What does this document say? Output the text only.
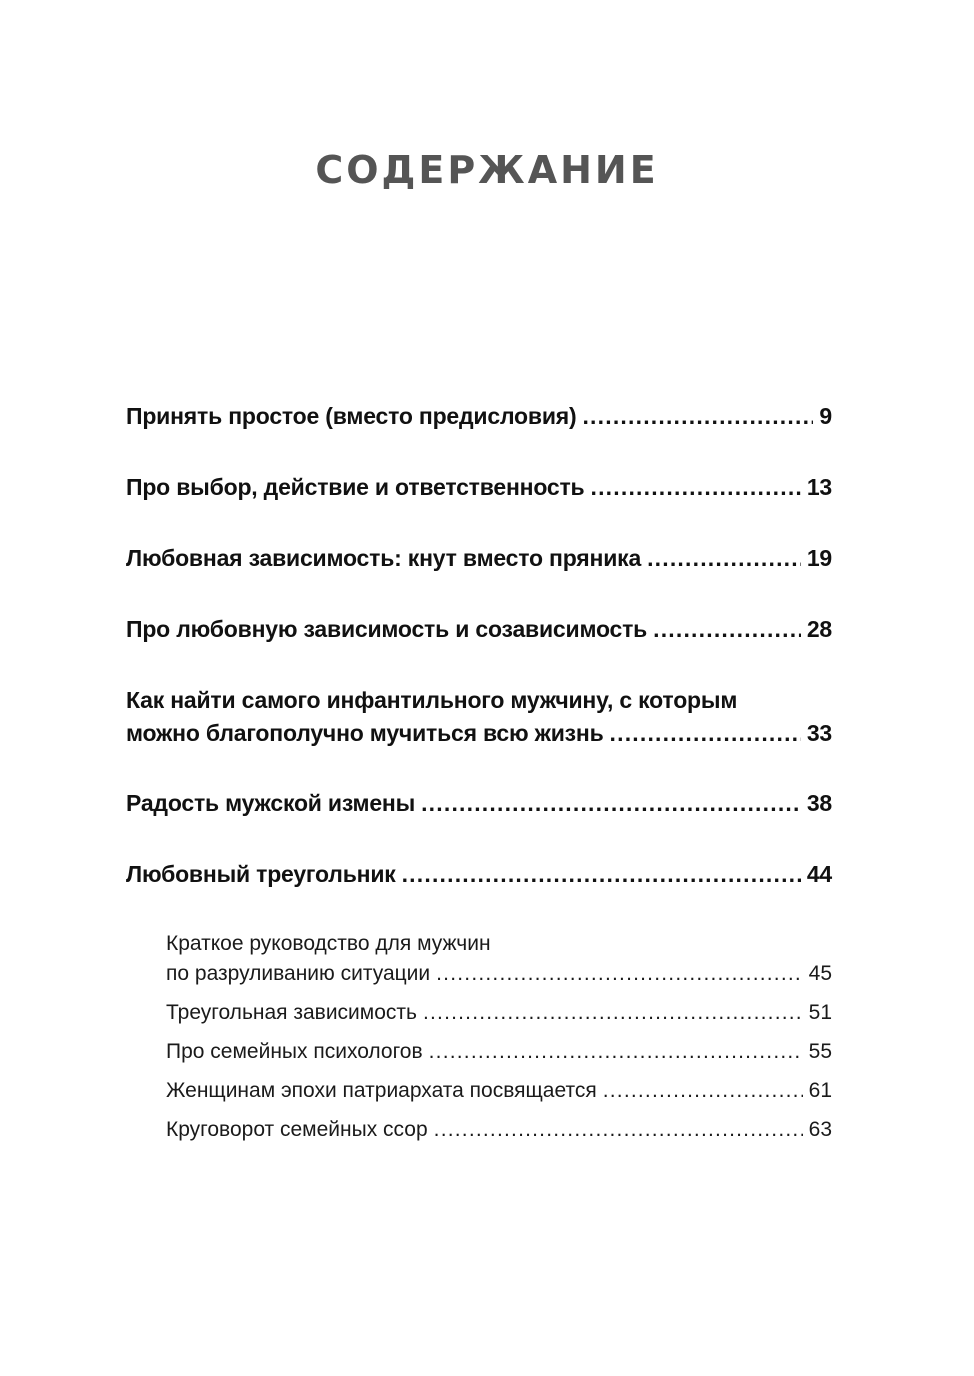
СОДЕРЖАНИЕ
Принять простое (вместо предисловия) .....	9
Про выбор, действие и ответственность .....	13
Любовная зависимость: кнут вместо пряника .....	19
Про любовную зависимость и созависимость .....	28
Как найти самого инфантильного мужчину, с которым
можно благополучно мучиться всю жизнь .....	33
Радость мужской измены .....	38
Любовный треугольник .....	44
Краткое руководство для мужчин
по разруливанию ситуации .....	45
Треугольная зависимость .....	51
Про семейных психологов .....	55
Женщинам эпохи патриархата посвящается .....	61
Круговорот семейных ссор .....	63
